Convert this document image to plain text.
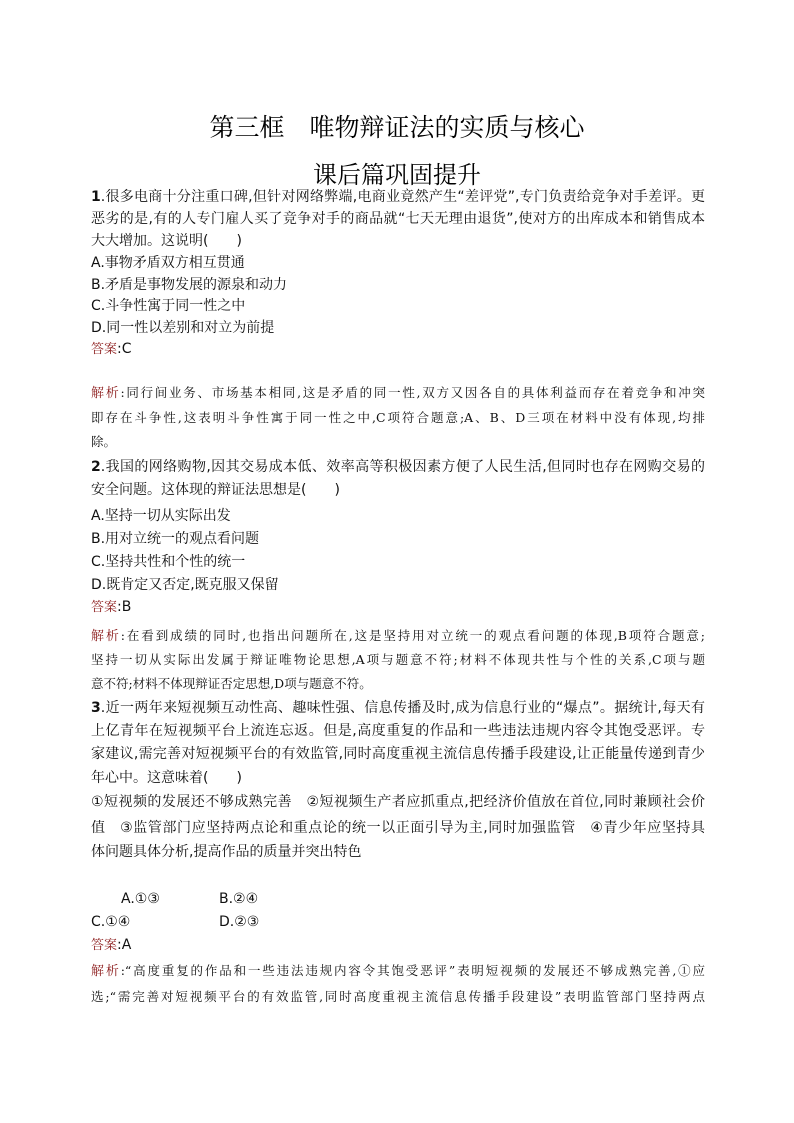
第三框　唯物辩证法的实质与核心
课后篇巩固提升
1.很多电商十分注重口碑,但针对网络弊端,电商业竟然产生“差评党”,专门负责给竞争对手差评。更
恶劣的是,有的人专门雇人买了竞争对手的商品就“七天无理由退货”,使对方的出库成本和销售成本
大大增加。这说明(　　)
A.事物矛盾双方相互贯通
B.矛盾是事物发展的源泉和动力
C.斗争性寓于同一性之中
D.同一性以差别和对立为前提
答案:C
解析:同行间业务、市场基本相同,这是矛盾的同一性,双方又因各自的具体利益而存在着竞争和冲突
即存在斗争性,这表明斗争性寓于同一性之中,C项符合题意;A、B、D三项在材料中没有体现,均排
除。
2.我国的网络购物,因其交易成本低、效率高等积极因素方便了人民生活,但同时也存在网购交易的
安全问题。这体现的辩证法思想是(　　)
A.坚持一切从实际出发
B.用对立统一的观点看问题
C.坚持共性和个性的统一
D.既肯定又否定,既克服又保留
答案:B
解析:在看到成绩的同时,也指出问题所在,这是坚持用对立统一的观点看问题的体现,B项符合题意;
坚持一切从实际出发属于辩证唯物论思想,A项与题意不符;材料不体现共性与个性的关系,C项与题
意不符;材料不体现辩证否定思想,D项与题意不符。
3.近一两年来短视频互动性高、趣味性强、信息传播及时,成为信息行业的“爆点”。据统计,每天有
上亿青年在短视频平台上流连忘返。但是,高度重复的作品和一些违法违规内容令其饱受恶评。专
家建议,需完善对短视频平台的有效监管,同时高度重视主流信息传播手段建设,让正能量传递到青少
年心中。这意味着(　　)
①短视频的发展还不够成熟完善　②短视频生产者应抓重点,把经济价值放在首位,同时兼顾社会价
值　③监管部门应坚持两点论和重点论的统一以正面引导为主,同时加强监管　④青少年应坚持具
体问题具体分析,提高作品的质量并突出特色
A.①③	B.②④
C.①④	D.②③
答案:A
解析:“高度重复的作品和一些违法违规内容令其饱受恶评”表明短视频的发展还不够成熟完善,①应
选;“需完善对短视频平台的有效监管,同时高度重视主流信息传播手段建设”表明监管部门坚持两点
